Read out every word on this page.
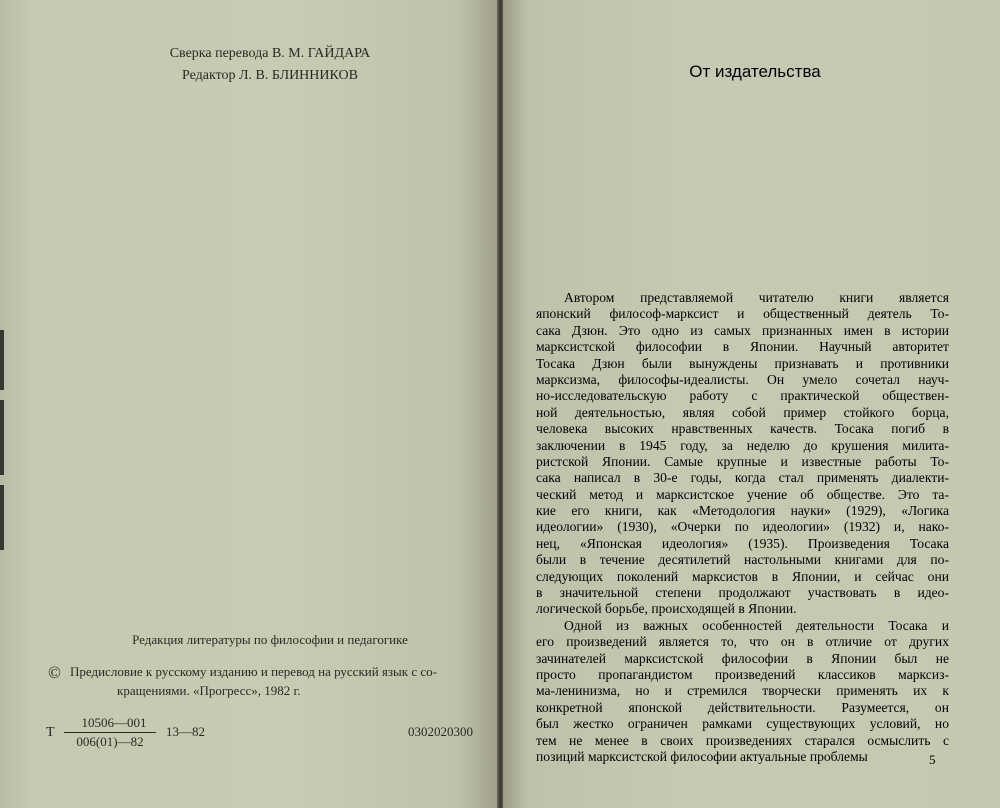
Сверка перевода В. М. ГАЙДАРА
Редактор Л. В. БЛИННИКОВ
Редакция литературы по философии и педагогике
© Предисловие к русскому изданию и перевод на русский язык с со-
кращениями. «Прогресс», 1982 г.
Т
10506—001
006(01)—82
13—82	0302020300
От издательства
Автором представляемой читателю книги является
японский философ-марксист и общественный деятель То-
сака Дзюн. Это одно из самых признанных имен в истории
марксистской философии в Японии. Научный авторитет
Тосака Дзюн были вынуждены признавать и противники
марксизма, философы-идеалисты. Он умело сочетал науч-
но-исследовательскую работу с практической обществен-
ной деятельностью, являя собой пример стойкого борца,
человека высоких нравственных качеств. Тосака погиб в
заключении в 1945 году, за неделю до крушения милита-
ристской Японии. Самые крупные и известные работы То-
сака написал в 30-е годы, когда стал применять диалекти-
ческий метод и марксистское учение об обществе. Это та-
кие его книги, как «Методология науки» (1929), «Логика
идеологии» (1930), «Очерки по идеологии» (1932) и, нако-
нец, «Японская идеология» (1935). Произведения Тосака
были в течение десятилетий настольными книгами для по-
следующих поколений марксистов в Японии, и сейчас они
в значительной степени продолжают участвовать в идео-
логической борьбе, происходящей в Японии.
Одной из важных особенностей деятельности Тосака и
его произведений является то, что он в отличие от других
зачинателей марксистской философии в Японии был не
просто пропагандистом произведений классиков марксиз-
ма-ленинизма, но и стремился творчески применять их к
конкретной японской действительности. Разумеется, он
был жестко ограничен рамками существующих условий, но
тем не менее в своих произведениях старался осмыслить с
позиций марксистской философии актуальные проблемы	5
